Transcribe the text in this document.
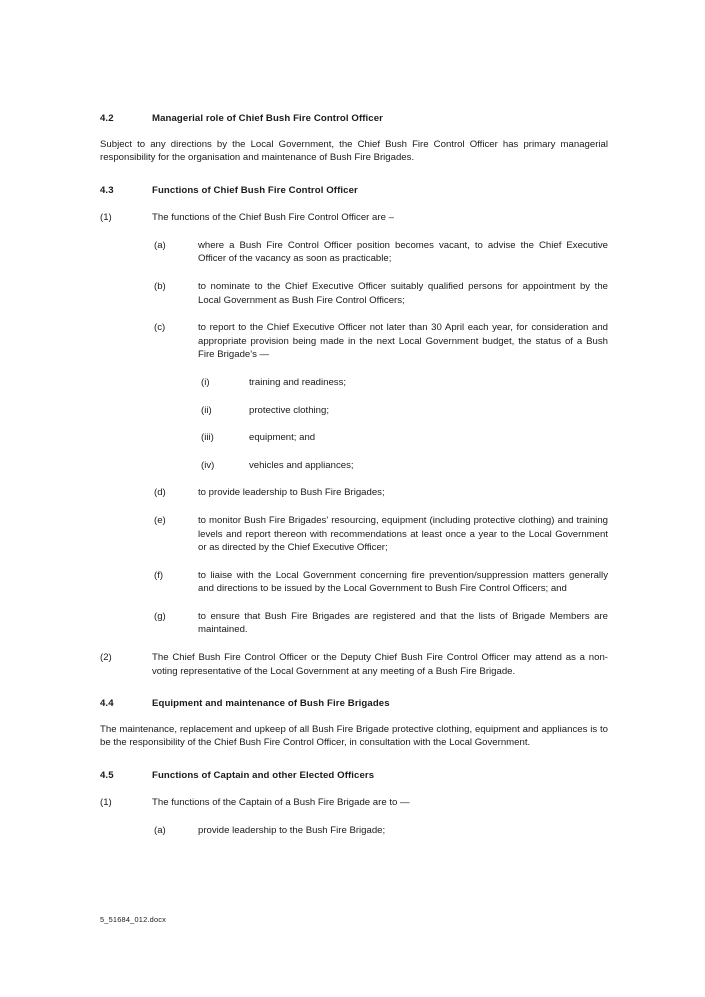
4.2	Managerial role of Chief Bush Fire Control Officer
Subject to any directions by the Local Government, the Chief Bush Fire Control Officer has primary managerial responsibility for the organisation and maintenance of Bush Fire Brigades.
4.3	Functions of Chief Bush Fire Control Officer
(1)	The functions of the Chief Bush Fire Control Officer are –
(a)	where a Bush Fire Control Officer position becomes vacant, to advise the Chief Executive Officer of the vacancy as soon as practicable;
(b)	to nominate to the Chief Executive Officer suitably qualified persons for appointment by the Local Government as Bush Fire Control Officers;
(c)	to report to the Chief Executive Officer not later than 30 April each year, for consideration and appropriate provision being made in the next Local Government budget, the status of a Bush Fire Brigade's —
(i)	training and readiness;
(ii)	protective clothing;
(iii)	equipment; and
(iv)	vehicles and appliances;
(d)	to provide leadership to Bush Fire Brigades;
(e)	to monitor Bush Fire Brigades' resourcing, equipment (including protective clothing) and training levels and report thereon with recommendations at least once a year to the Local Government or as directed by the Chief Executive Officer;
(f)	to liaise with the Local Government concerning fire prevention/suppression matters generally and directions to be issued by the Local Government to Bush Fire Control Officers; and
(g)	to ensure that Bush Fire Brigades are registered and that the lists of Brigade Members are maintained.
(2)	The Chief Bush Fire Control Officer or the Deputy Chief Bush Fire Control Officer may attend as a non-voting representative of the Local Government at any meeting of a Bush Fire Brigade.
4.4	Equipment and maintenance of Bush Fire Brigades
The maintenance, replacement and upkeep of all Bush Fire Brigade protective clothing, equipment and appliances is to be the responsibility of the Chief Bush Fire Control Officer, in consultation with the Local Government.
4.5	Functions of Captain and other Elected Officers
(1)	The functions of the Captain of a Bush Fire Brigade are to —
(a)	provide leadership to the Bush Fire Brigade;
5_51684_012.docx
